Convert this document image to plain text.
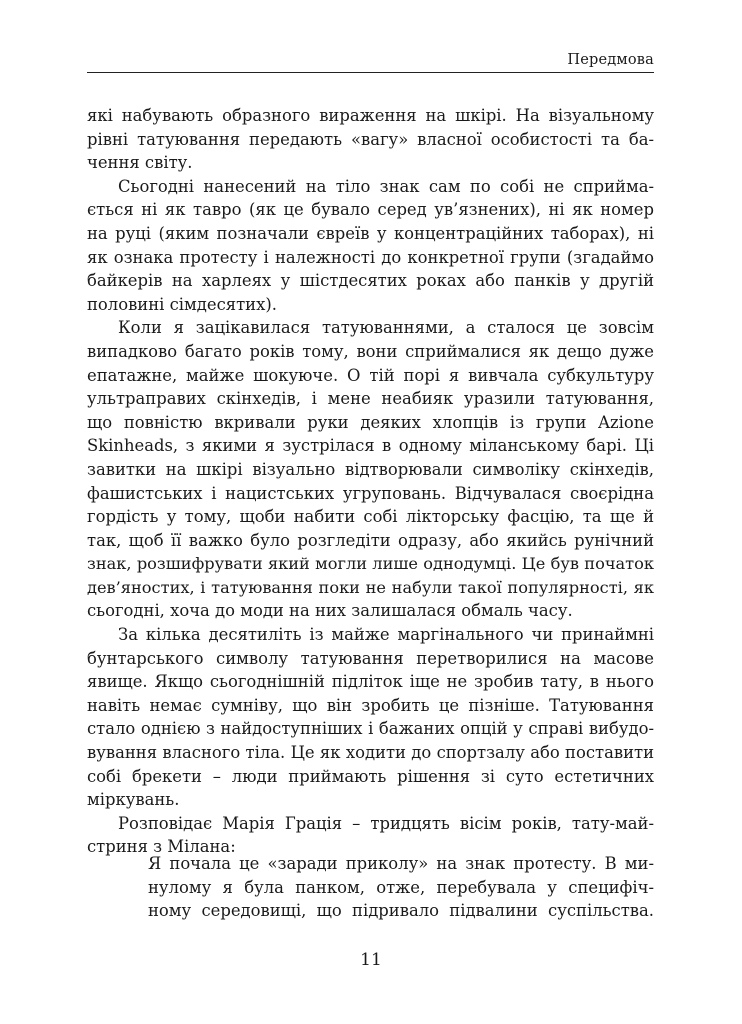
Передмова
які набувають образного вираження на шкірі. На візуальному
рівні татуювання передають «вагу» власної особистості та ба-
чення світу.
Сьогодні нанесений на тіло знак сам по собі не сприйма-
ється ні як тавро (як це бувало серед ув’язнених), ні як номер
на руці (яким позначали євреїв у концентраційних таборах), ні
як ознака протесту і належності до конкретної групи (згадаймо
байкерів на харлеях у шістдесятих роках або панків у другій
половині сімдесятих).
Коли я зацікавилася татуюваннями, а сталося це зовсім
випадково багато років тому, вони сприймалися як дещо дуже
епатажне, майже шокуюче. О тій порі я вивчала субкультуру
ультраправих скінхедів, і мене неабияк уразили татуювання,
що повністю вкривали руки деяких хлопців із групи Azione
Skinheads, з якими я зустрілася в одному міланському барі. Ці
завитки на шкірі візуально відтворювали символіку скінхедів,
фашистських і нацистських угруповань. Відчувалася своєрідна
гордість у тому, щоби набити собі лікторську фасцію, та ще й
так, щоб її важко було розгледіти одразу, або якийсь рунічний
знак, розшифрувати який могли лише однодумці. Це був початок
дев’яностих, і татуювання поки не набули такої популярності, як
сьогодні, хоча до моди на них залишалася обмаль часу.
За кілька десятиліть із майже маргінального чи принаймні
бунтарського символу татуювання перетворилися на масове
явище. Якщо сьогоднішній підліток іще не зробив тату, в нього
навіть немає сумніву, що він зробить це пізніше. Татуювання
стало однією з найдоступніших і бажаних опцій у справі вибудо-
вування власного тіла. Це як ходити до спортзалу або поставити
собі брекети – люди приймають рішення зі суто естетичних
міркувань.
Розповідає Марія Грація – тридцять вісім років, тату-май-
стриня з Мілана:
Я почала це «заради приколу» на знак протесту. В ми-
нулому я була панком, отже, перебувала у специфіч-
ному середовищі, що підривало підвалини суспільства.
11
